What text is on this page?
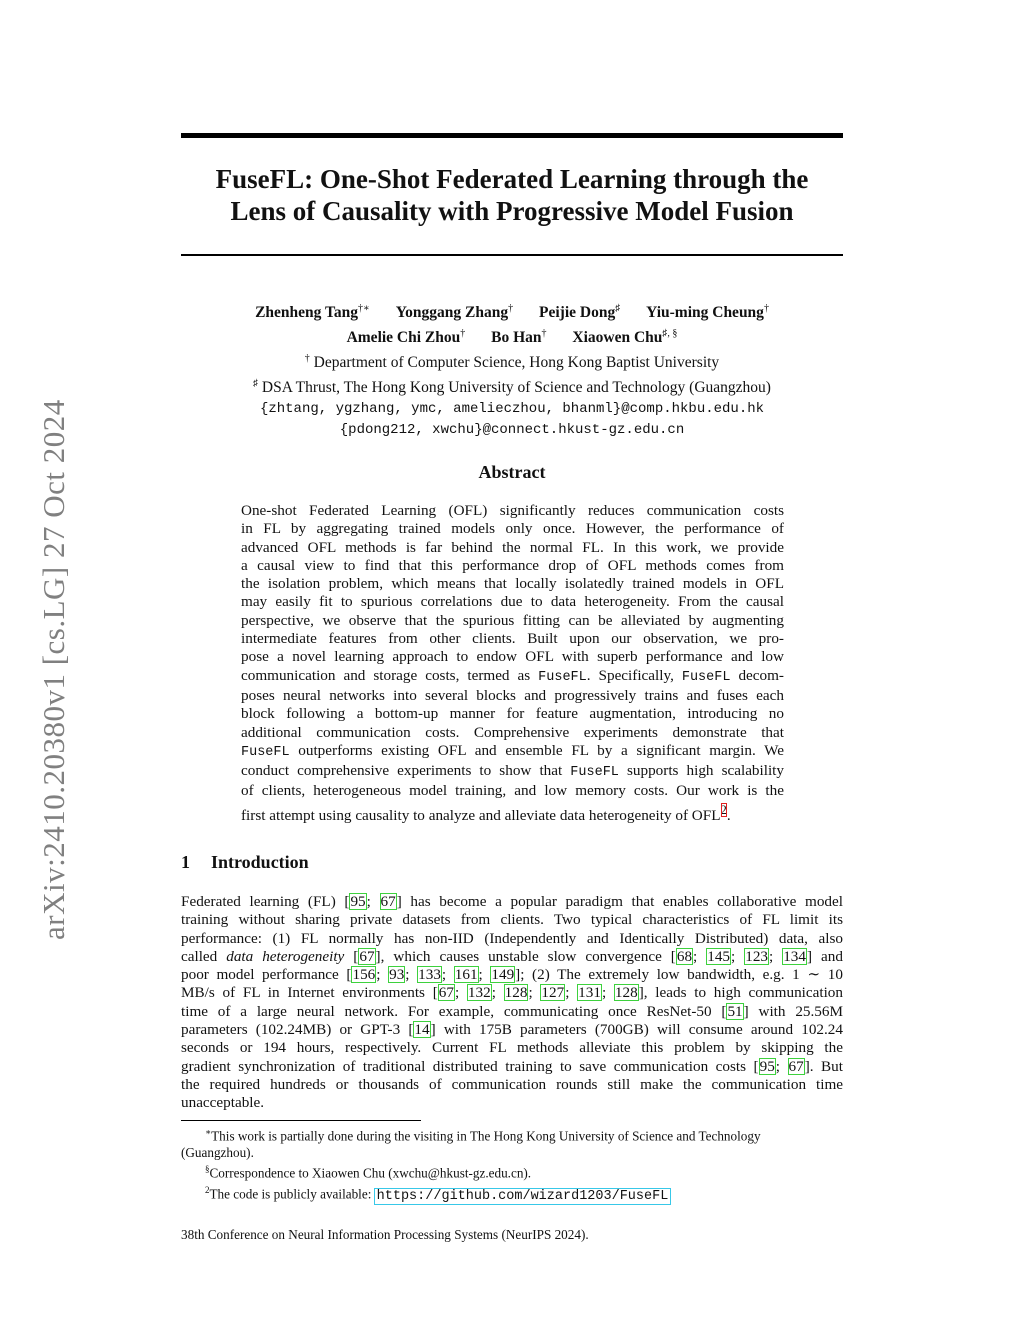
arXiv:2410.20380v1 [cs.LG] 27 Oct 2024
FuseFL: One-Shot Federated Learning through the
Lens of Causality with Progressive Model Fusion
Zhenheng Tang†∗ Yonggang Zhang† Peijie Dong♯ Yiu-ming Cheung†
Amelie Chi Zhou† Bo Han† Xiaowen Chu♯, §
† Department of Computer Science, Hong Kong Baptist University
♯ DSA Thrust, The Hong Kong University of Science and Technology (Guangzhou)
{zhtang, ygzhang, ymc, amelieczhou, bhanml}@comp.hkbu.edu.hk
{pdong212, xwchu}@connect.hkust-gz.edu.cn
Abstract
One-shot Federated Learning (OFL) significantly reduces communication costs
in FL by aggregating trained models only once. However, the performance of
advanced OFL methods is far behind the normal FL. In this work, we provide
a causal view to find that this performance drop of OFL methods comes from
the isolation problem, which means that locally isolatedly trained models in OFL
may easily fit to spurious correlations due to data heterogeneity. From the causal
perspective, we observe that the spurious fitting can be alleviated by augmenting
intermediate features from other clients. Built upon our observation, we pro-
pose a novel learning approach to endow OFL with superb performance and low
communication and storage costs, termed as FuseFL. Specifically, FuseFL decom-
poses neural networks into several blocks and progressively trains and fuses each
block following a bottom-up manner for feature augmentation, introducing no
additional communication costs. Comprehensive experiments demonstrate that
FuseFL outperforms existing OFL and ensemble FL by a significant margin. We
conduct comprehensive experiments to show that FuseFL supports high scalability
of clients, heterogeneous model training, and low memory costs. Our work is the
first attempt using causality to analyze and alleviate data heterogeneity of OFL$^2$.
1 Introduction
Federated learning (FL) [95; 67] has become a popular paradigm that enables collaborative model
training without sharing private datasets from clients. Two typical characteristics of FL limit its
performance: (1) FL normally has non-IID (Independently and Identically Distributed) data, also
called data heterogeneity [67], which causes unstable slow convergence [68; 145; 123; 134] and
poor model performance [156; 93; 133; 161; 149]; (2) The extremely low bandwidth, e.g. 1 ∼ 10
MB/s of FL in Internet environments [67; 132; 128; 127; 131; 128], leads to high communication
time of a large neural network. For example, communicating once ResNet-50 [51] with 25.56M
parameters (102.24MB) or GPT-3 [14] with 175B parameters (700GB) will consume around 102.24
seconds or 194 hours, respectively. Current FL methods alleviate this problem by skipping the
gradient synchronization of traditional distributed training to save communication costs [95; 67]. But
the required hundreds or thousands of communication rounds still make the communication time
unacceptable.
∗This work is partially done during the visiting in The Hong Kong University of Science and Technology
(Guangzhou).
§Correspondence to Xiaowen Chu (xwchu@hkust-gz.edu.cn).
$^2$The code is publicly available: https://github.com/wizard1203/FuseFL
38th Conference on Neural Information Processing Systems (NeurIPS 2024).
